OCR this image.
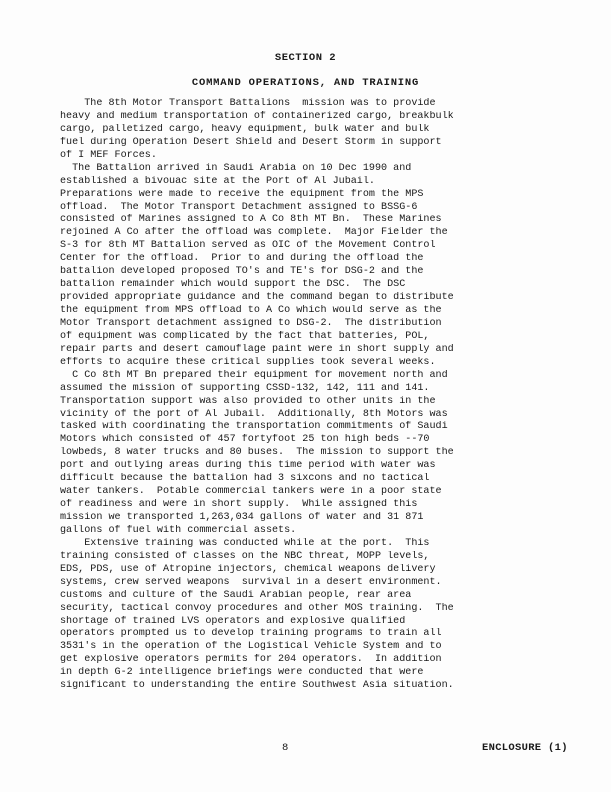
SECTION 2
COMMAND OPERATIONS, AND TRAINING
The 8th Motor Transport Battalions  mission was to provide
heavy and medium transportation of containerized cargo, breakbulk
cargo, palletized cargo, heavy equipment, bulk water and bulk
fuel during Operation Desert Shield and Desert Storm in support
of I MEF Forces.
The Battalion arrived in Saudi Arabia on 10 Dec 1990 and
established a bivouac site at the Port of Al Jubail.
Preparations were made to receive the equipment from the MPS
offload.  The Motor Transport Detachment assigned to BSSG-6
consisted of Marines assigned to A Co 8th MT Bn.  These Marines
rejoined A Co after the offload was complete.  Major Fielder the
S-3 for 8th MT Battalion served as OIC of the Movement Control
Center for the offload.  Prior to and during the offload the
battalion developed proposed TO's and TE's for DSG-2 and the
battalion remainder which would support the DSC.  The DSC
provided appropriate guidance and the command began to distribute
the equipment from MPS offload to A Co which would serve as the
Motor Transport detachment assigned to DSG-2.  The distribution
of equipment was complicated by the fact that batteries, POL,
repair parts and desert camouflage paint were in short supply and
efforts to acquire these critical supplies took several weeks.
C Co 8th MT Bn prepared their equipment for movement north and
assumed the mission of supporting CSSD-132, 142, 111 and 141.
Transportation support was also provided to other units in the
vicinity of the port of Al Jubail.  Additionally, 8th Motors was
tasked with coordinating the transportation commitments of Saudi
Motors which consisted of 457 fortyfoot 25 ton high beds --70
lowbeds, 8 water trucks and 80 buses.  The mission to support the
port and outlying areas during this time period with water was
difficult because the battalion had 3 sixcons and no tactical
water tankers.  Potable commercial tankers were in a poor state
of readiness and were in short supply.  While assigned this
mission we transported 1,263,034 gallons of water and 31 871
gallons of fuel with commercial assets.
Extensive training was conducted while at the port.  This
training consisted of classes on the NBC threat, MOPP levels,
EDS, PDS, use of Atropine injectors, chemical weapons delivery
systems, crew served weapons  survival in a desert environment.
customs and culture of the Saudi Arabian people, rear area
security, tactical convoy procedures and other MOS training.  The
shortage of trained LVS operators and explosive qualified
operators prompted us to develop training programs to train all
3531's in the operation of the Logistical Vehicle System and to
get explosive operators permits for 204 operators.  In addition
in depth G-2 intelligence briefings were conducted that were
significant to understanding the entire Southwest Asia situation.
8	ENCLOSURE (1)
